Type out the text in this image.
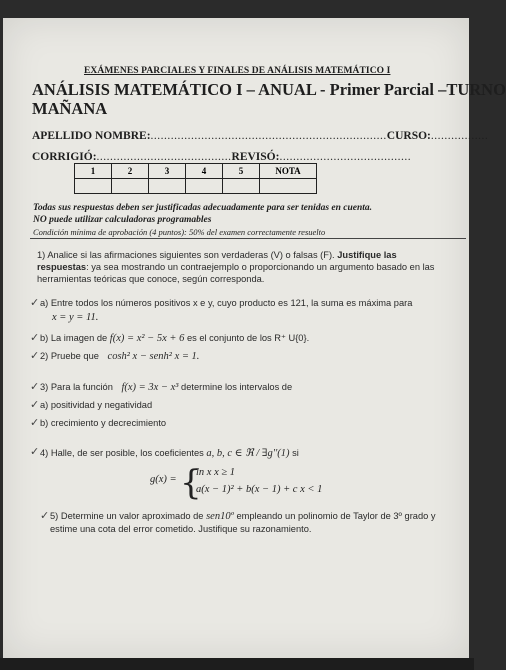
EXÁMENES PARCIALES Y FINALES DE ANÁLISIS MATEMÁTICO I
ANÁLISIS MATEMÁTICO I – ANUAL - Primer Parcial –TURNO
MAÑANA
APELLIDO NOMBRE:......................................................................CURSO:.................
CORRIGIÓ:........................................REVISÓ:.......................................
1	2	3	4	5	NOTA

Todas sus respuestas deben ser justificadas adecuadamente para ser tenidas en cuenta.
NO puede utilizar calculadoras programables
Condición mínima de aprobación (4 puntos): 50% del examen correctamente resuelto
1) Analice si las afirmaciones siguientes son verdaderas (V) o falsas (F). Justifique las
respuestas: ya sea mostrando un contraejemplo o proporcionando un argumento basado en las
herramientas teóricas que conoce, según corresponda.
✓ a) Entre todos los números positivos x e y, cuyo producto es 121, la suma es máxima para
x = y = 11.
✓ b) La imagen de f(x) = x² − 5x + 6 es el conjunto de los R⁺ U{0}.
✓ 2) Pruebe que cosh² x − senh² x = 1.
✓ 3) Para la función f(x) = 3x − x³ determine los intervalos de
✓ a) positividad y negatividad
✓ b) crecimiento y decrecimiento
✓ 4) Halle, de ser posible, los coeficientes a, b, c ∈ ℜ / ∃g''(1) si
g(x) = {
ln x x ≥ 1
a(x − 1)² + b(x − 1) + c x < 1
✓ 5) Determine un valor aproximado de sen10º empleando un polinomio de Taylor de 3º grado y
estime una cota del error cometido. Justifique su razonamiento.
